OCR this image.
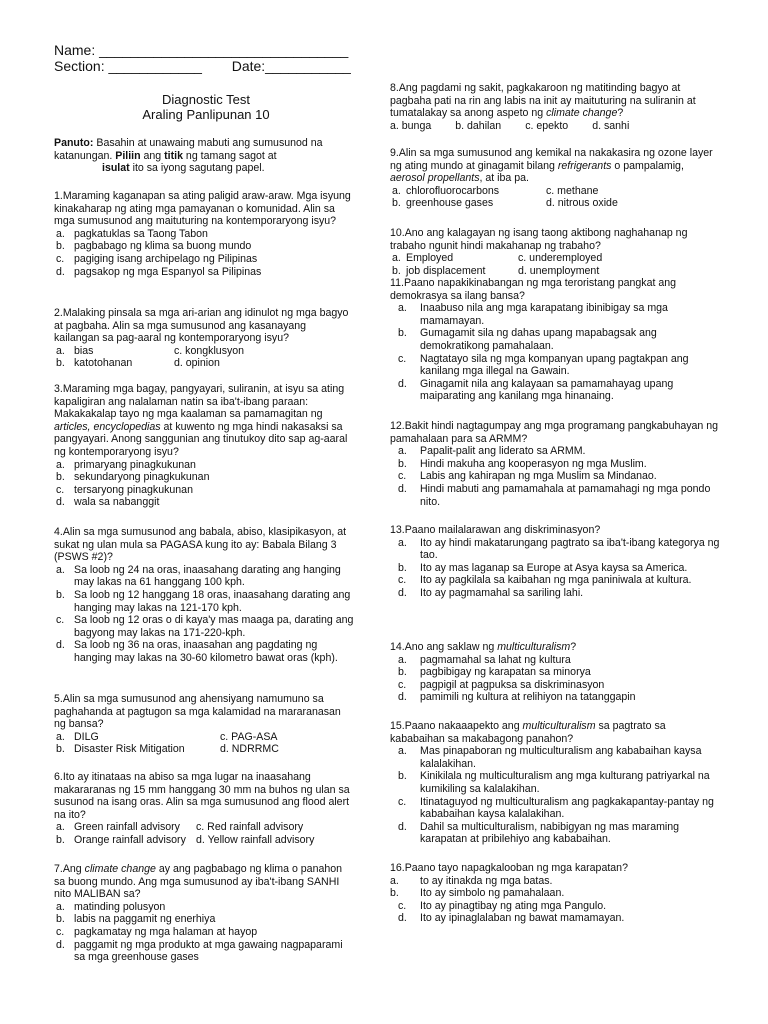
Name: ________________________________

Section: ____________ Date:___________

Diagnostic Test

Araling Panlipunan 10

Panuto: Basahin at unawaing mabuti ang sumusunod na katanungan. Piliin ang titik ng tamang sagot at
isulat ito sa iyong sagutang papel.

1.Maraming kaganapan sa ating paligid araw-araw. Mga isyung kinakaharap ng ating mga pamayanan o komunidad. Alin sa mga sumusunod ang maituturing na kontemporaryong isyu?

a. pagkatuklas sa Taong Tabon
b. pagbabago ng klima sa buong mundo
c. pagiging isang archipelago ng Pilipinas
d. pagsakop ng mga Espanyol sa Pilipinas

2.Malaking pinsala sa mga ari-arian ang idinulot ng mga bagyo at pagbaha. Alin sa mga sumusunod ang kasanayang kailangan sa pag-aaral ng kontemporaryong isyu?

a. bias	c. kongklusyon
b. katotohanan	d. opinion

3.Maraming mga bagay, pangyayari, suliranin, at isyu sa ating kapaligiran ang nalalaman natin sa iba't-ibang paraan: Makakakalap tayo ng mga kaalaman sa pamamagitan ng articles, encyclopedias at kuwento ng mga hindi nakasaksi sa pangyayari. Anong sanggunian ang tinutukoy dito sap ag-aaral ng kontemporaryong isyu?

a. primaryang pinagkukunan
b. sekundaryong pinagkukunan
c. tersaryong pinagkukunan
d. wala sa nabanggit

4.Alin sa mga sumusunod ang babala, abiso, klasipikasyon, at sukat ng ulan mula sa PAGASA kung ito ay: Babala Bilang 3 (PSWS #2)?

a. Sa loob ng 24 na oras, inaasahang darating ang hanging may lakas na 61 hanggang 100 kph.
b. Sa loob ng 12 hanggang 18 oras, inaasahang darating ang hanging may lakas na 121-170 kph.
c. Sa loob ng 12 oras o di kaya'y mas maaga pa, darating ang bagyong may lakas na 171-220-kph.
d. Sa loob ng 36 na oras, inaasahan ang pagdating ng hanging may lakas na 30-60 kilometro bawat oras (kph).

5.Alin sa mga sumusunod ang ahensiyang namumuno sa paghahanda at pagtugon sa mga kalamidad na mararanasan ng bansa?

a. DILG	c. PAG-ASA
b. Disaster Risk Mitigation	d. NDRRMC

6.Ito ay itinataas na abiso sa mga lugar na inaasahang makararanas ng 15 mm hanggang 30 mm na buhos ng ulan sa susunod na isang oras. Alin sa mga sumusunod ang flood alert na ito?

a. Green rainfall advisory	c. Red rainfall advisory
b. Orange rainfall advisory d. Yellow rainfall advisory

7.Ang climate change ay ang pagbabago ng klima o panahon sa buong mundo. Ang mga sumusunod ay iba't-ibang SANHI nito MALIBAN sa?

a. matinding polusyon
b. labis na paggamit ng enerhiya
c. pagkamatay ng mga halaman at hayop
d. paggamit ng mga produkto at mga gawaing nagpaparami sa mga greenhouse gases

8.Ang pagdami ng sakit, pagkakaroon ng matitinding bagyo at pagbaha pati na rin ang labis na init ay maituturing na suliranin at tumatalakay sa anong aspeto ng climate change?

a. bunga b. dahilan c. epekto d. sanhi

9.Alin sa mga sumusunod ang kemikal na nakakasira ng ozone layer ng ating mundo at ginagamit bilang refrigerants o pampalamig, aerosol propellants, at iba pa.

a. chlorofluorocarbons	c. methane
b. greenhouse gases	d. nitrous oxide

10.Ano ang kalagayan ng isang taong aktibong naghahanap ng trabaho ngunit hindi makahanap ng trabaho?

a. Employed	c. underemployed
b. job displacement	d. unemployment

11.Paano napakikinabangan ng mga teroristang pangkat ang demokrasya sa ilang bansa?

a. Inaabuso nila ang mga karapatang ibinibigay sa mga mamamayan.
b. Gumagamit sila ng dahas upang mapabagsak ang demokratikong pamahalaan.
c. Nagtatayo sila ng mga kompanyan upang pagtakpan ang kanilang mga illegal na Gawain.
d. Ginagamit nila ang kalayaan sa pamamahayag upang maiparating ang kanilang mga hinanaing.

12.Bakit hindi nagtagumpay ang mga programang pangkabuhayan ng pamahalaan para sa ARMM?

a. Papalit-palit ang liderato sa ARMM.
b. Hindi makuha ang kooperasyon ng mga Muslim.
c. Labis ang kahirapan ng mga Muslim sa Mindanao.
d. Hindi mabuti ang pamamahala at pamamahagi ng mga pondo nito.

13.Paano mailalarawan ang diskriminasyon?

a. Ito ay hindi makatarungang pagtrato sa iba't-ibang kategorya ng tao.
b. Ito ay mas laganap sa Europe at Asya kaysa sa America.
c. Ito ay pagkilala sa kaibahan ng mga paniniwala at kultura.
d. Ito ay pagmamahal sa sariling lahi.

14.Ano ang saklaw ng multiculturalism?

a. pagmamahal sa lahat ng kultura
b. pagbibigay ng karapatan sa minorya
c. pagpigil at pagpuksa sa diskriminasyon
d. pamimili ng kultura at relihiyon na tatanggapin

15.Paano nakaaapekto ang multiculturalism sa pagtrato sa kababaihan sa makabagong panahon?

a. Mas pinapaboran ng multiculturalism ang kababaihan kaysa kalalakihan.
b. Kinikilala ng multiculturalism ang mga kulturang patriyarkal na kumikiling sa kalalakihan.
c. Itinataguyod ng multiculturalism ang pagkakapantay-pantay ng kababaihan kaysa kalalakihan.
d. Dahil sa multiculturalism, nabibigyan ng mas maraming karapatan at pribilehiyo ang kababaihan.

16.Paano tayo napagkalooban ng mga karapatan?

a. to ay itinakda ng mga batas.
b. Ito ay simbolo ng pamahalaan.
c. Ito ay pinagtibay ng ating mga Pangulo.
d. Ito ay ipinaglalaban ng bawat mamamayan.
